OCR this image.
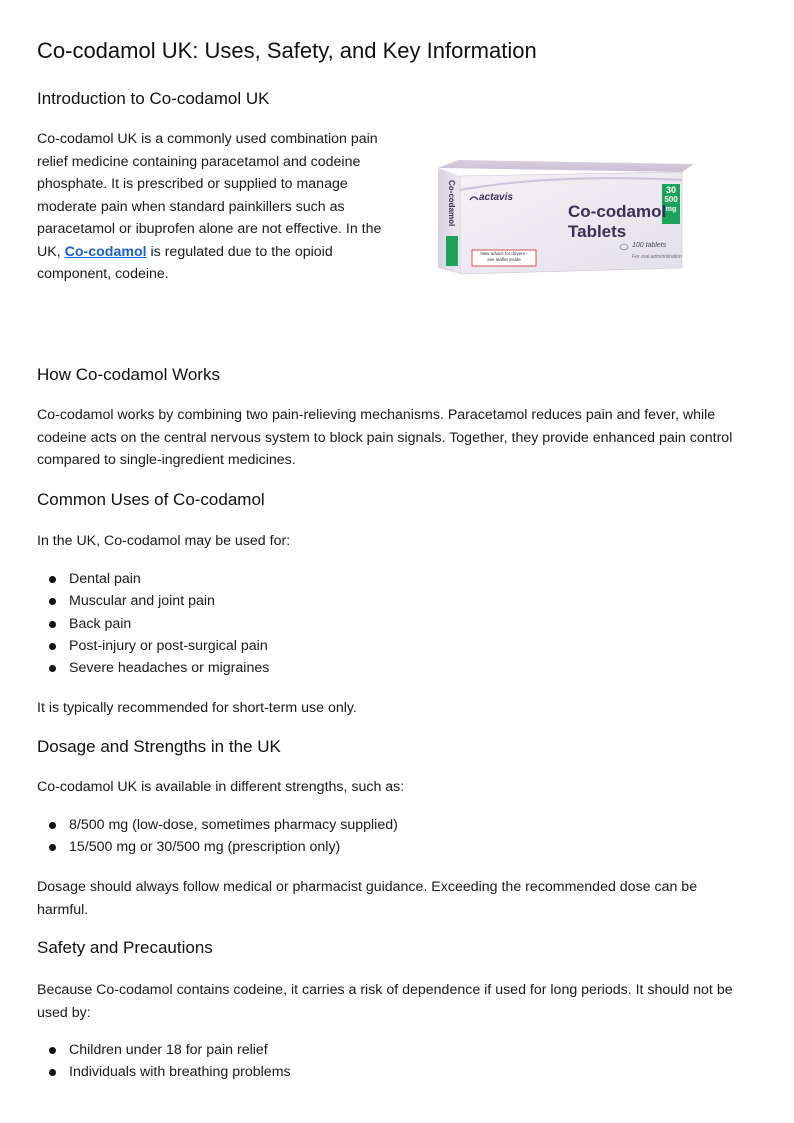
Co-codamol UK: Uses, Safety, and Key Information
Introduction to Co-codamol UK

Co-codamol UK is a commonly used combination pain relief medicine containing paracetamol and codeine phosphate. It is prescribed or supplied to manage moderate pain when standard painkillers such as paracetamol or ibuprofen alone are not effective. In the UK, Co-codamol is regulated due to the opioid component, codeine.

How Co-codamol Works

Co-codamol works by combining two pain-relieving mechanisms. Paracetamol reduces pain and fever, while codeine acts on the central nervous system to block pain signals. Together, they provide enhanced pain control compared to single-ingredient medicines.

Common Uses of Co-codamol

In the UK, Co-codamol may be used for:

Dental pain
Muscular and joint pain
Back pain
Post-injury or post-surgical pain
Severe headaches or migraines

It is typically recommended for short-term use only.

Dosage and Strengths in the UK

Co-codamol UK is available in different strengths, such as:

8/500 mg (low-dose, sometimes pharmacy supplied)
15/500 mg or 30/500 mg (prescription only)

Dosage should always follow medical or pharmacist guidance. Exceeding the recommended dose can be harmful.

Safety and Precautions

Because Co-codamol contains codeine, it carries a risk of dependence if used for long periods. It should not be used by:

Children under 18 for pain relief
Individuals with breathing problems
Co-codamol actavis
Co-codamol
Tablets
30
500
mg
100 tablets
For oral administration
New advice for drivers -
see leaflet inside
